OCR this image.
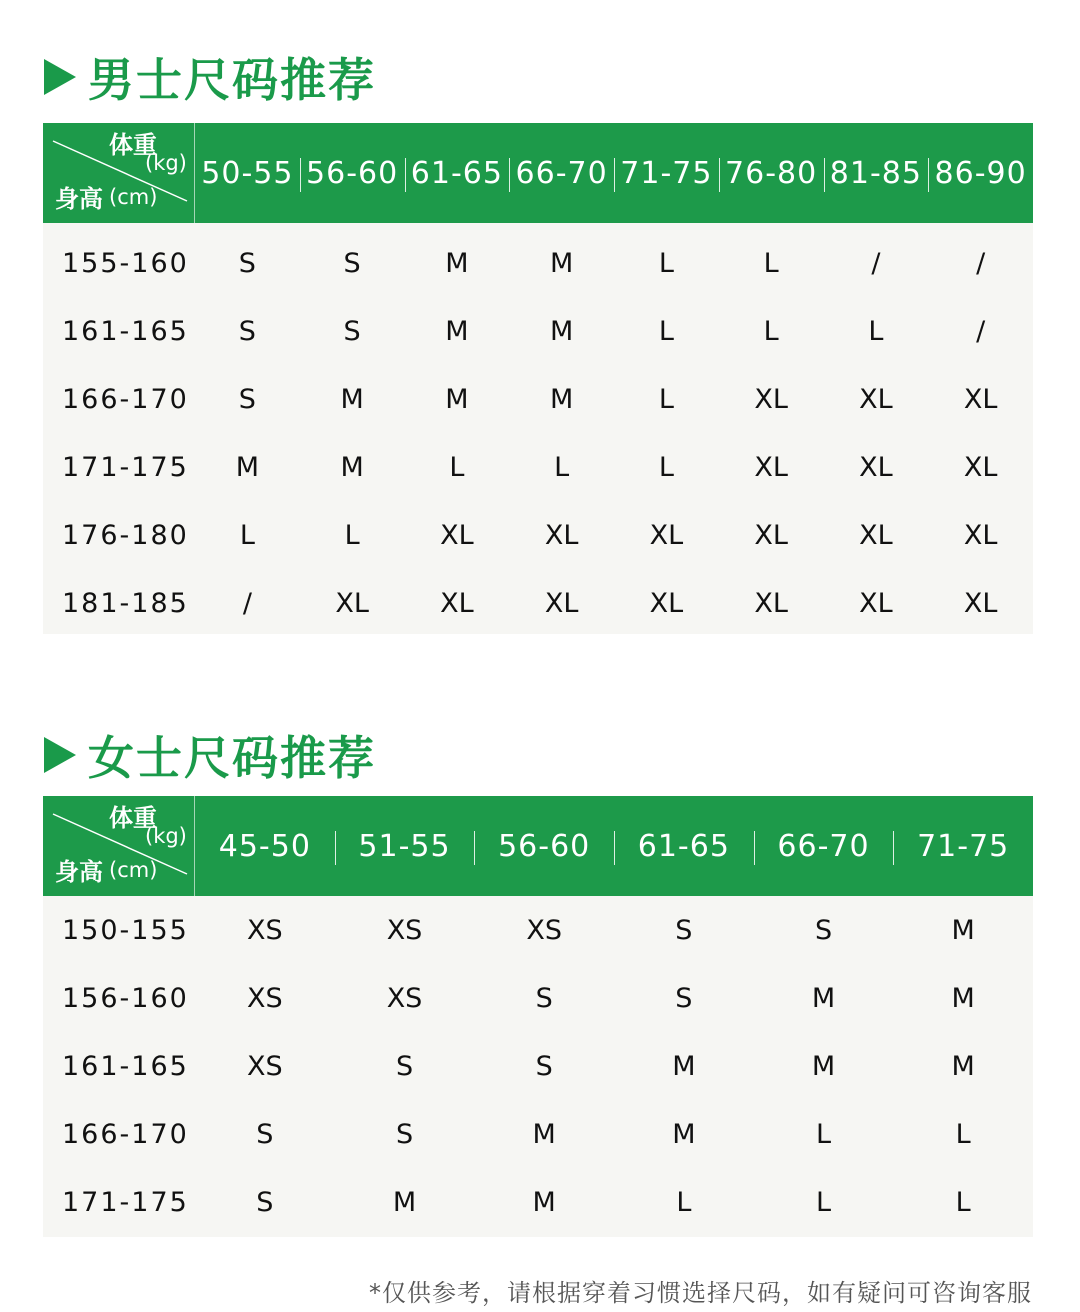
男士尺码推荐
体重
(kg)
身高 (cm)
50-55 56-60 61-65 66-70 71-75 76-80 81-85 86-90
155-160	S	S	M	M	L	L	/	/
161-165	S	S	M	M	L	L	L	/
166-170	S	M	M	M	L	XL	XL	XL
171-175	M	M	L	L	L	XL	XL	XL
176-180	L	L	XL	XL	XL	XL	XL	XL
181-185	/	XL	XL	XL	XL	XL	XL	XL
女士尺码推荐
体重
(kg)
身高 (cm)
45-50	51-55	56-60	61-65	66-70	71-75
150-155	XS	XS	XS	S	S	M
156-160	XS	XS	S	S	M	M
161-165	XS	S	S	M	M	M
166-170	S	S	M	M	L	L
171-175	S	M	M	L	L	L
*仅供参考，请根据穿着习惯选择尺码，如有疑问可咨询客服
